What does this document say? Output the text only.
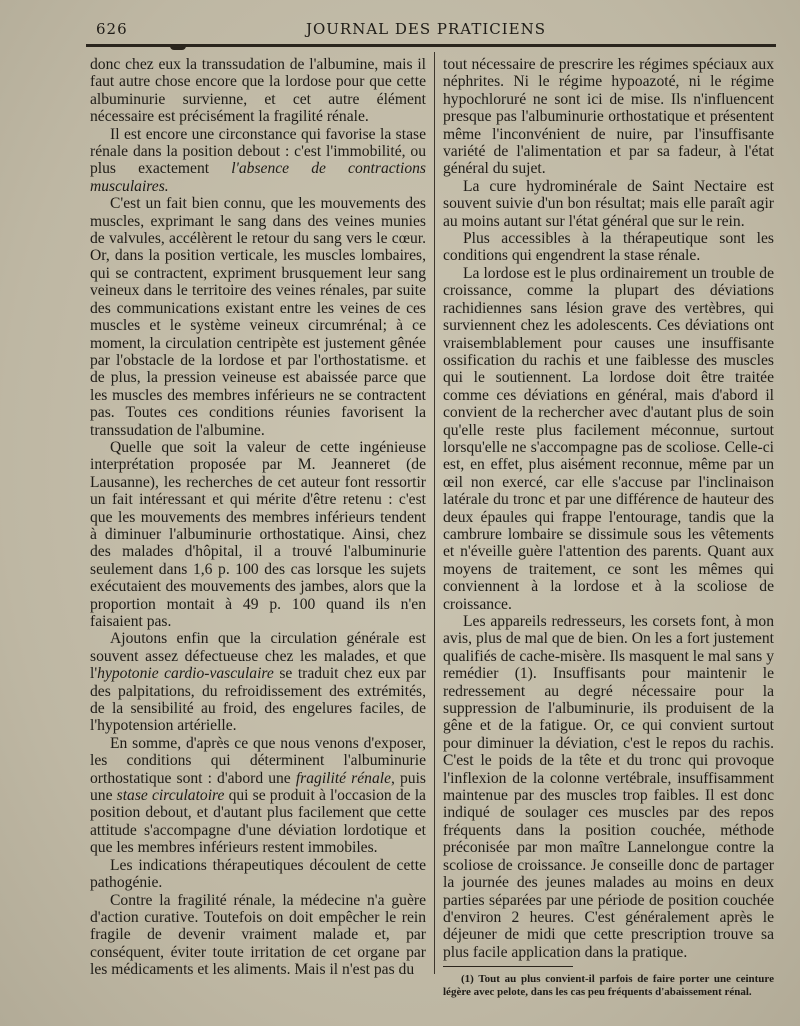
626	JOURNAL DES PRATICIENS

donc chez eux la transsudation de l'albumine, mais il faut autre chose encore que la lordose pour que cette albuminurie survienne, et cet autre élément nécessaire est précisément la fragilité rénale.

Il est encore une circonstance qui favorise la stase rénale dans la position debout : c'est l'immobilité, ou plus exactement l'absence de contractions musculaires.

C'est un fait bien connu, que les mouvements des muscles, exprimant le sang dans des veines munies de valvules, accélèrent le retour du sang vers le cœur. Or, dans la position verticale, les muscles lombaires, qui se contractent, expriment brusquement leur sang veineux dans le territoire des veines rénales, par suite des communications existant entre les veines de ces muscles et le système veineux circumrénal; à ce moment, la circulation centripète est justement gênée par l'obstacle de la lordose et par l'orthostatisme. et de plus, la pression veineuse est abaissée parce que les muscles des membres inférieurs ne se contractent pas. Toutes ces conditions réunies favorisent la transsudation de l'albumine.

Quelle que soit la valeur de cette ingénieuse interprétation proposée par M. Jeanneret (de Lausanne), les recherches de cet auteur font ressortir un fait intéressant et qui mérite d'être retenu : c'est que les mouvements des membres inférieurs tendent à diminuer l'albuminurie orthostatique. Ainsi, chez des malades d'hôpital, il a trouvé l'albuminurie seulement dans 1,6 p. 100 des cas lorsque les sujets exécutaient des mouvements des jambes, alors que la proportion montait à 49 p. 100 quand ils n'en faisaient pas.

Ajoutons enfin que la circulation générale est souvent assez défectueuse chez les malades, et que l'hypotonie cardio-vasculaire se traduit chez eux par des palpitations, du refroidissement des extrémités, de la sensibilité au froid, des engelures faciles, de l'hypotension artérielle.

En somme, d'après ce que nous venons d'exposer, les conditions qui déterminent l'albuminurie orthostatique sont : d'abord une fragilité rénale, puis une stase circulatoire qui se produit à l'occasion de la position debout, et d'autant plus facilement que cette attitude s'accompagne d'une déviation lordotique et que les membres inférieurs restent immobiles.

Les indications thérapeutiques découlent de cette pathogénie.

Contre la fragilité rénale, la médecine n'a guère d'action curative. Toutefois on doit empêcher le rein fragile de devenir vraiment malade et, par conséquent, éviter toute irritation de cet organe par les médicaments et les aliments. Mais il n'est pas du

tout nécessaire de prescrire les régimes spéciaux aux néphrites. Ni le régime hypoazoté, ni le régime hypochloruré ne sont ici de mise. Ils n'influencent presque pas l'albuminurie orthostatique et présentent même l'inconvénient de nuire, par l'insuffisante variété de l'alimentation et par sa fadeur, à l'état général du sujet.

La cure hydrominérale de Saint Nectaire est souvent suivie d'un bon résultat; mais elle paraît agir au moins autant sur l'état général que sur le rein.

Plus accessibles à la thérapeutique sont les conditions qui engendrent la stase rénale.

La lordose est le plus ordinairement un trouble de croissance, comme la plupart des déviations rachidiennes sans lésion grave des vertèbres, qui surviennent chez les adolescents. Ces déviations ont vraisemblablement pour causes une insuffisante ossification du rachis et une faiblesse des muscles qui le soutiennent. La lordose doit être traitée comme ces déviations en général, mais d'abord il convient de la rechercher avec d'autant plus de soin qu'elle reste plus facilement méconnue, surtout lorsqu'elle ne s'accompagne pas de scoliose. Celle-ci est, en effet, plus aisément reconnue, même par un œil non exercé, car elle s'accuse par l'inclinaison latérale du tronc et par une différence de hauteur des deux épaules qui frappe l'entourage, tandis que la cambrure lombaire se dissimule sous les vêtements et n'éveille guère l'attention des parents. Quant aux moyens de traitement, ce sont les mêmes qui conviennent à la lordose et à la scoliose de croissance.

Les appareils redresseurs, les corsets font, à mon avis, plus de mal que de bien. On les a fort justement qualifiés de cache-misère. Ils masquent le mal sans y remédier (1). Insuffisants pour maintenir le redressement au degré nécessaire pour la suppression de l'albuminurie, ils produisent de la gêne et de la fatigue. Or, ce qui convient surtout pour diminuer la déviation, c'est le repos du rachis. C'est le poids de la tête et du tronc qui provoque l'inflexion de la colonne vertébrale, insuffisamment maintenue par des muscles trop faibles. Il est donc indiqué de soulager ces muscles par des repos fréquents dans la position couchée, méthode préconisée par mon maître Lannelongue contre la scoliose de croissance. Je conseille donc de partager la journée des jeunes malades au moins en deux parties séparées par une période de position couchée d'environ 2 heures. C'est généralement après le déjeuner de midi que cette prescription trouve sa plus facile application dans la pratique.

(1) Tout au plus convient-il parfois de faire porter une ceinture légère avec pelote, dans les cas peu fréquents d'abaissement rénal.
